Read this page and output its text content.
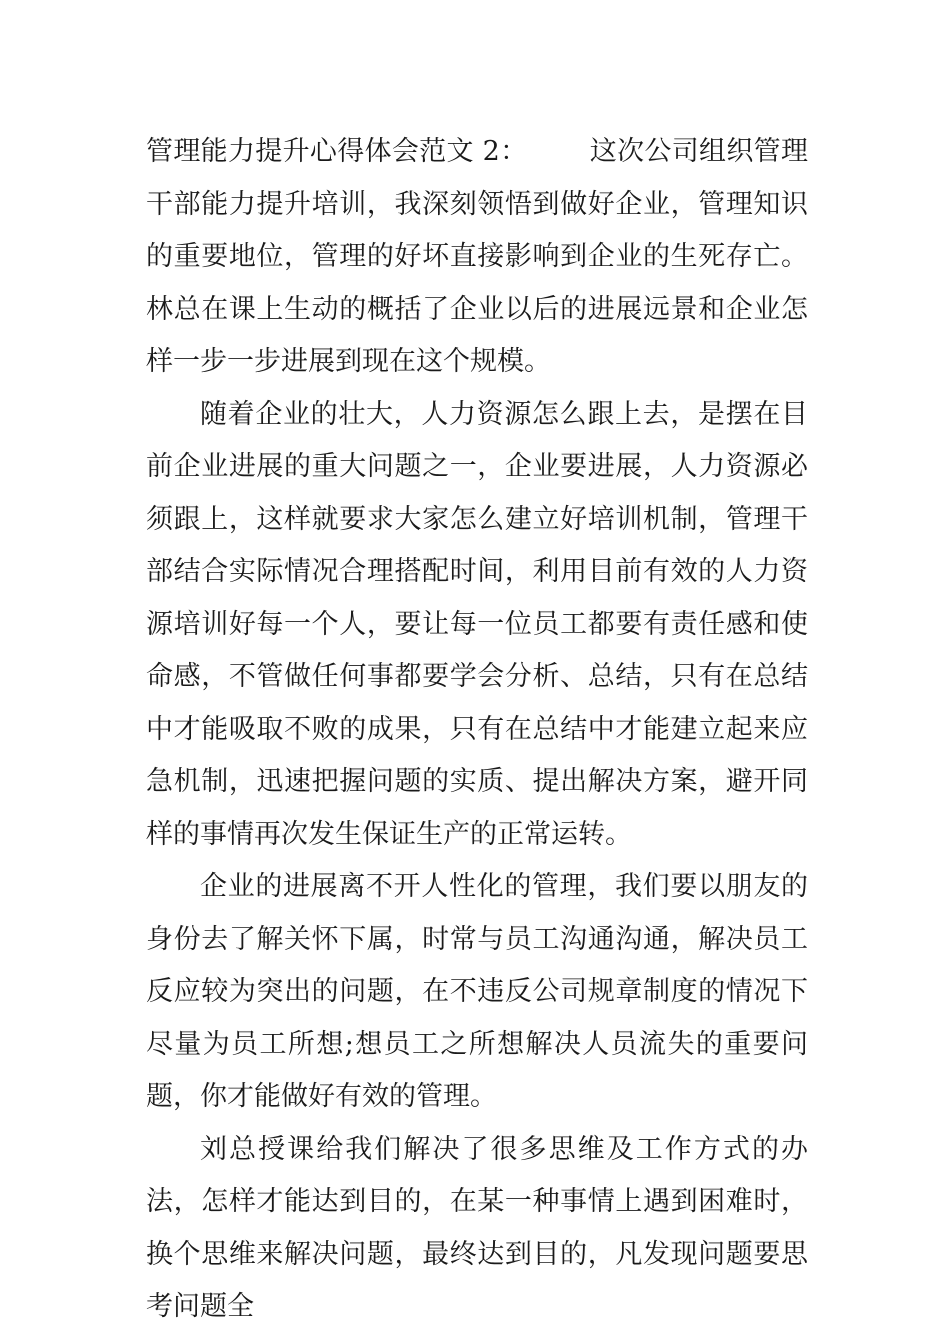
管理能力提升心得体会范文 2： 这次公司组织管理干部能力提升培训，我深刻领悟到做好企业，管理知识的重要地位，管理的好坏直接影响到企业的生死存亡。林总在课上生动的概括了企业以后的进展远景和企业怎样一步一步进展到现在这个规模。

随着企业的壮大，人力资源怎么跟上去，是摆在目前企业进展的重大问题之一，企业要进展，人力资源必须跟上，这样就要求大家怎么建立好培训机制，管理干部结合实际情况合理搭配时间，利用目前有效的人力资源培训好每一个人，要让每一位员工都要有责任感和使命感，不管做任何事都要学会分析、总结，只有在总结中才能吸取不败的成果，只有在总结中才能建立起来应急机制，迅速把握问题的实质、提出解决方案，避开同样的事情再次发生保证生产的正常运转。

企业的进展离不开人性化的管理，我们要以朋友的身份去了解关怀下属，时常与员工沟通沟通，解决员工反应较为突出的问题，在不违反公司规章制度的情况下尽量为员工所想;想员工之所想解决人员流失的重要问题，你才能做好有效的管理。

刘总授课给我们解决了很多思维及工作方式的办法，怎样才能达到目的，在某一种事情上遇到困难时，换个思维来解决问题，最终达到目的，凡发现问题要思考问题全
